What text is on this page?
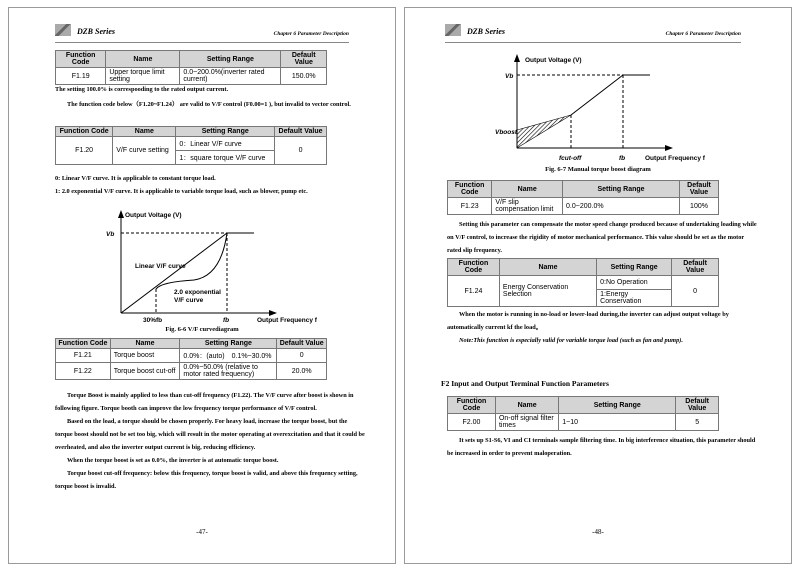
DZB Series	Chapter 6 Parameter Description
Function Code	Name	Setting Range	Default Value
F1.19	Upper torque limit setting	0.0~200.0%(inverter rated current)	150.0%
The setting 100.0% is correspooding to the rated output current.
The function code below（F1.20~F1.24） are valid to V/F control (F0.00=1 ), but invalid to vector control.
Function Code	Name	Setting Range	Default Value
F1.20	V/F curve setting	0：Linear V/F curve	0
		1：square torque V/F curve	
0: Linear V/F curve. It is applicable to constant torque load.
1: 2.0 exponential V/F curve. It is applicable to variable torque load, such as blower, pump etc.
Output Voltage (V)
Vb
Linear V/F curve
2.0 exponential
V/F curve
30%fb	fb	Output Frequency f
Fig. 6-6 V/F curvediagram
Function Code	Name	Setting Range	Default Value
F1.21	Torque boost	0.0%：(auto)　0.1%~30.0%	0
F1.22	Torque boost cut-off	0.0%~50.0% (relative to motor rated frequency)	20.0%
Torque Boost is mainly applied to less than cut-off frequency (F1.22). The V/F curve after boost is shown in following figure. Torque booth can improve the low frequency torque performance of V/F control.
Based on the load, a torque should be chosen properly. For heavy load, increase the torque boost, but the torque boost should not be set too big, which will result in the motor operating at overexcitation and that it could be overheated, and also the inverter output current is big, reducing efficiency.
When the torque boost is set as 0.0%, the inverter is at automatic torque boost.
Torque boost cut-off frequency: below this frequency, torque boost is valid, and above this frequency setting, torque boost is invalid.
-47-
DZB Series	Chapter 6 Parameter Description
Output Voltage (V)
Vb
Vboost
fcut-off	fb	Output Frequency f
Fig. 6-7 Manual torque boost diagram
Function Code	Name	Setting Range	Default Value
F1.23	V/F slip compensation limit	0.0~200.0%	100%
Setting this parameter can compensate the motor speed change produced because of undertaking loading while on V/F control, to increase the rigidity of motor mechanical performance. This value should be set as the motor rated slip frequency.
Function Code	Name	Setting Range	Default Value
F1.24	Energy Conservation Selection	0:No Operation	0
		1:Energy Conservation	
When the motor is running in no-load or lower-load during,the inverter can adjust output voltage by automatically current kf the load。
Note:This function is especially valid for variable torque load (such as fan and pump).
F2 Input and Output Terminal Function Parameters
Function Code	Name	Setting Range	Default Value
F2.00	On-off signal filter times	1~10	5
It sets up S1-S6, VI and CI terminals sample filtering time. In big interference situation, this parameter should be increased in order to prevent maloperation.
-48-
